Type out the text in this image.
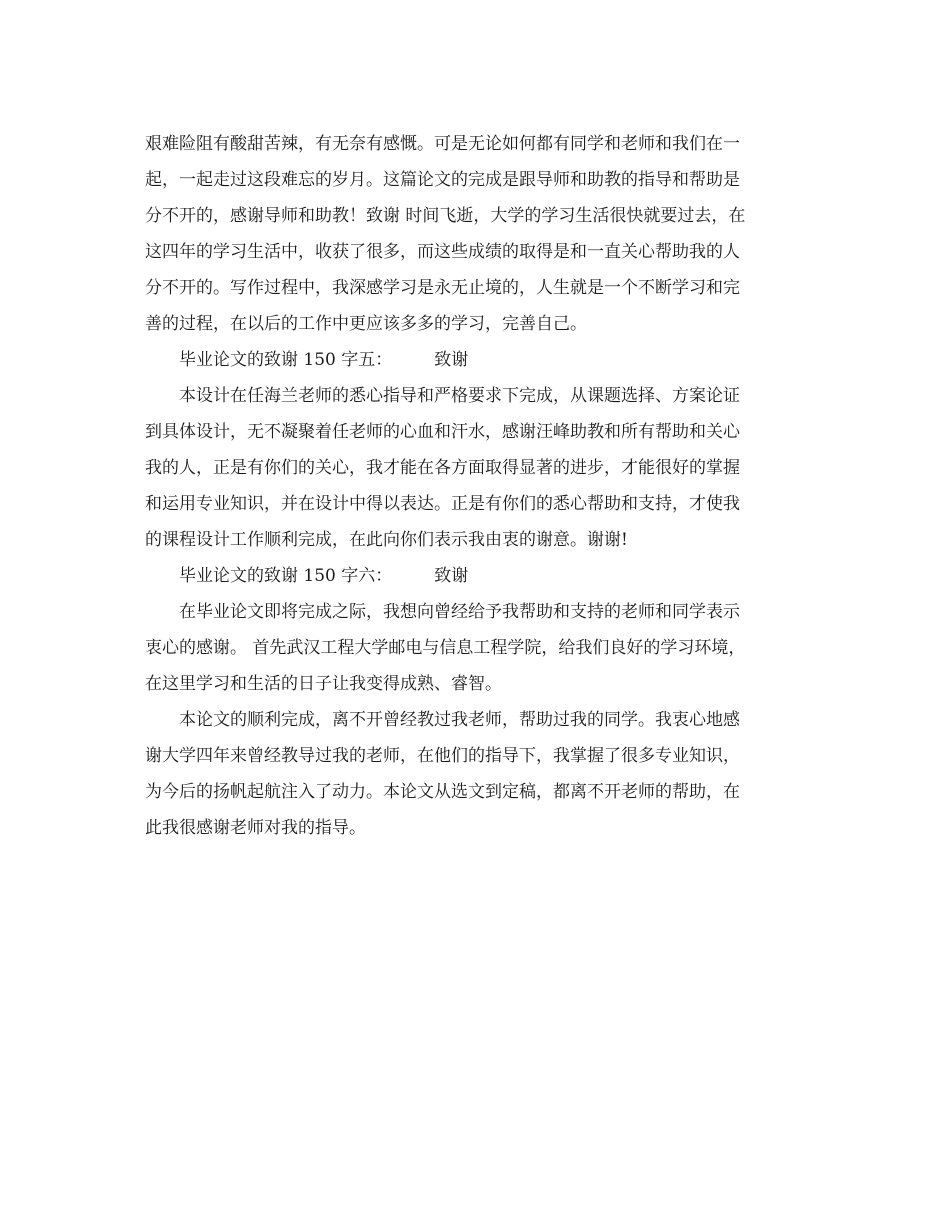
艰难险阻有酸甜苦辣，有无奈有感慨。可是无论如何都有同学和老师和我们在一
起，一起走过这段难忘的岁月。这篇论文的完成是跟导师和助教的指导和帮助是
分不开的，感谢导师和助教！致谢 时间飞逝，大学的学习生活很快就要过去，在
这四年的学习生活中，收获了很多，而这些成绩的取得是和一直关心帮助我的人
分不开的。写作过程中，我深感学习是永无止境的，人生就是一个不断学习和完
善的过程，在以后的工作中更应该多多的学习，完善自己。
毕业论文的致谢 150 字五： 致谢
本设计在任海兰老师的悉心指导和严格要求下完成，从课题选择、方案论证
到具体设计，无不凝聚着任老师的心血和汗水，感谢汪峰助教和所有帮助和关心
我的人，正是有你们的关心，我才能在各方面取得显著的进步，才能很好的掌握
和运用专业知识，并在设计中得以表达。正是有你们的悉心帮助和支持，才使我
的课程设计工作顺利完成，在此向你们表示我由衷的谢意。谢谢!
毕业论文的致谢 150 字六： 致谢
在毕业论文即将完成之际，我想向曾经给予我帮助和支持的老师和同学表示
衷心的感谢。 首先武汉工程大学邮电与信息工程学院，给我们良好的学习环境，
在这里学习和生活的日子让我变得成熟、睿智。
本论文的顺利完成，离不开曾经教过我老师，帮助过我的同学。我衷心地感
谢大学四年来曾经教导过我的老师，在他们的指导下，我掌握了很多专业知识，
为今后的扬帆起航注入了动力。本论文从选文到定稿，都离不开老师的帮助，在
此我很感谢老师对我的指导。
